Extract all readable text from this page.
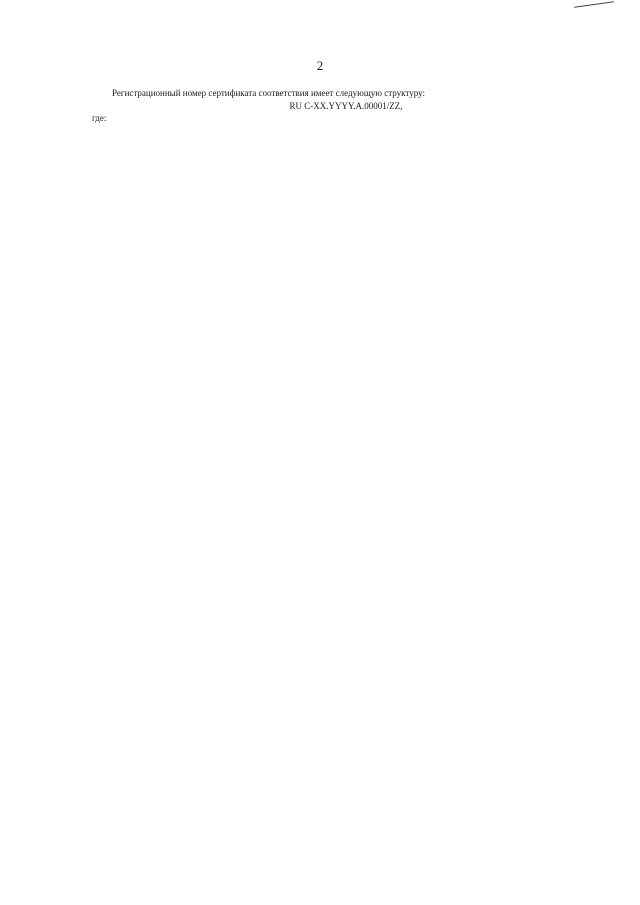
2

Регистрационный номер сертификата соответствия имеет следующую структуру:

RU C-XX.YYYY.A.00001/ZZ,

где:
